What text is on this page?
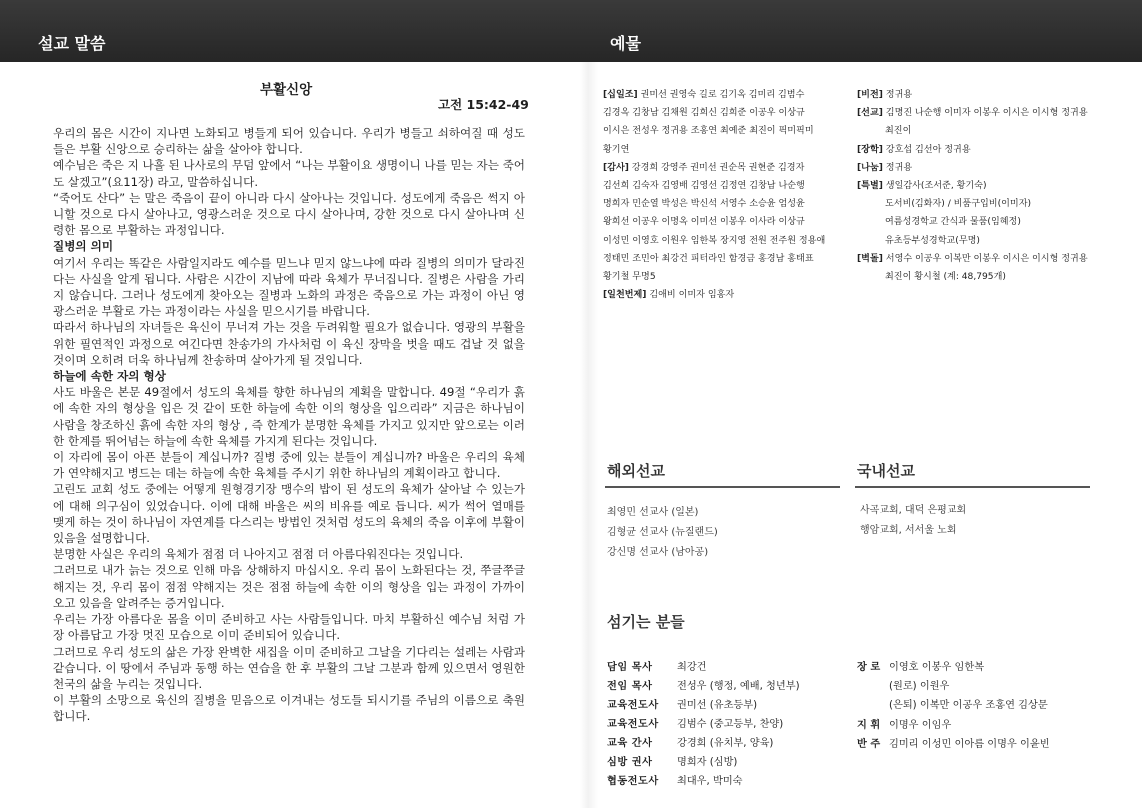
설교 말씀	예물
부활신앙
고전 15:42-49

우리의 몸은 시간이 지나면 노화되고 병들게 되어 있습니다. 우리가 병들고 쇠하여질 때 성도들은 부활 신앙으로 승리하는 삶을 살아야 합니다.

예수님은 죽은 지 나흘 된 나사로의 무덤 앞에서 “나는 부활이요 생명이니 나를 믿는 자는 죽어도 살겠고”(요11장) 라고, 말씀하십니다.

“죽어도 산다” 는 말은 죽음이 끝이 아니라 다시 살아나는 것입니다. 성도에게 죽음은 썩지 아니할 것으로 다시 살아나고, 영광스러운 것으로 다시 살아나며, 강한 것으로 다시 살아나며 신령한 몸으로 부활하는 과정입니다.

질병의 의미

여기서 우리는 똑같은 사람일지라도 예수를 믿느냐 믿지 않느냐에 따라 질병의 의미가 달라진다는 사실을 알게 됩니다. 사람은 시간이 지남에 따라 육체가 무너집니다. 질병은 사람을 가리지 않습니다. 그러나 성도에게 찾아오는 질병과 노화의 과정은 죽음으로 가는 과정이 아닌 영광스러운 부활로 가는 과정이라는 사실을 믿으시기를 바랍니다.

따라서 하나님의 자녀들은 육신이 무너져 가는 것을 두려워할 필요가 없습니다. 영광의 부활을 위한 필연적인 과정으로 여긴다면 찬송가의 가사처럼 이 육신 장막을 벗을 때도 겁날 것 없을 것이며 오히려 더욱 하나님께 찬송하며 살아가게 될 것입니다.

하늘에 속한 자의 형상

사도 바울은 본문 49절에서 성도의 육체를 향한 하나님의 계획을 말합니다. 49절 “우리가 흙에 속한 자의 형상을 입은 것 같이 또한 하늘에 속한 이의 형상을 입으리라” 지금은 하나님이 사람을 창조하신 흙에 속한 자의 형상 , 즉 한계가 분명한 육체를 가지고 있지만 앞으로는 이러한 한계를 뛰어넘는 하늘에 속한 육체를 가지게 된다는 것입니다.

이 자리에 몸이 아픈 분들이 계십니까? 질병 중에 있는 분들이 계십니까? 바울은 우리의 육체가 연약해지고 병드는 데는 하늘에 속한 육체를 주시기 위한 하나님의 계획이라고 합니다.

고린도 교회 성도 중에는 어떻게 원형경기장 맹수의 밥이 된 성도의 육체가 살아날 수 있는가에 대해 의구심이 있었습니다. 이에 대해 바울은 씨의 비유를 예로 듭니다. 씨가 썩어 열매를 맺게 하는 것이 하나님이 자연계를 다스리는 방법인 것처럼 성도의 육체의 죽음 이후에 부활이 있음을 설명합니다.

분명한 사실은 우리의 육체가 점점 더 나아지고 점점 더 아름다워진다는 것입니다.

그러므로 내가 늙는 것으로 인해 마음 상해하지 마십시오. 우리 몸이 노화된다는 것, 쭈글쭈글해지는 것, 우리 몸이 점점 약해지는 것은 점점 하늘에 속한 이의 형상을 입는 과정이 가까이 오고 있음을 알려주는 증거입니다.

우리는 가장 아름다운 몸을 이미 준비하고 사는 사람들입니다. 마치 부활하신 예수님 처럼 가장 아름답고 가장 멋진 모습으로 이미 준비되어 있습니다.

그러므로 우리 성도의 삶은 가장 완벽한 새집을 이미 준비하고 그날을 기다리는 설레는 사람과 같습니다. 이 땅에서 주님과 동행 하는 연습을 한 후 부활의 그날 그분과 함께 있으면서 영원한 천국의 삶을 누리는 것입니다.

이 부활의 소망으로 육신의 질병을 믿음으로 이겨내는 성도들 되시기를 주님의 이름으로 축원합니다.

[십일조] 권미선 권영숙 길로 김기옥 김미리 김범수
김경옥 김창남 김채원 김희신 김희준 이공우 이상규
이시은 전성우 정귀용 조홍연 최예준 최진이 픽미픽미
황기연
[감사] 강경희 강영주 권미선 권순목 권현준 김경자
김선희 김숙자 김영배 김영선 김정연 김창남 나순행
명희자 민순열 박성은 박신석 서영수 소승윤 엄성윤
왕희선 이공우 이명옥 이미선 이봉우 이사라 이상규
이성민 이영호 이원우 임한복 장지영 전원 전주원 정용애
정태민 조민아 최강건 피터라인 함경금 홍경남 홍태표
황기철 무명5
[일천번제] 김애비 이미자 임홍자
[비전] 정귀용
[선교] 김명진 나순행 이미자 이봉우 이시은 이시형 정귀용
최진이
[장학] 강호섭 김선아 정귀용
[나눔] 정귀용
[특별] 생일감사(조서준, 황기숙)
도서비(김화자) / 비품구입비(이미자)
여름성경학교 간식과 물품(임혜정)
유초등부성경학교(무명)
[벽돌] 서영수 이공우 이복만 이봉우 이시은 이시형 정귀용
최진이 황시철 (계: 48,795개)
해외선교
최영민 선교사 (일본)
김형균 선교사 (뉴질랜드)
강신명 선교사 (남아공)
국내선교
사곡교회, 대덕 은평교회
행암교회, 서서울 노회
섬기는 분들
담임 목사 최강건
전임 목사 전성우 (행정, 예배, 청년부)
교육전도사 권미선 (유초등부)
교육전도사 김범수 (중고등부, 찬양)
교육 간사 강경희 (유치부, 양육)
심방 권사 명희자 (심방)
협동전도사 최대우, 박미숙
장 로 이영호 이봉우 임한복
(원로) 이원우
(은퇴) 이복만 이공우 조홍연 김상문
지 휘 이명우 이임우
반 주 김미리 이성민 이아름 이명우 이윤빈
